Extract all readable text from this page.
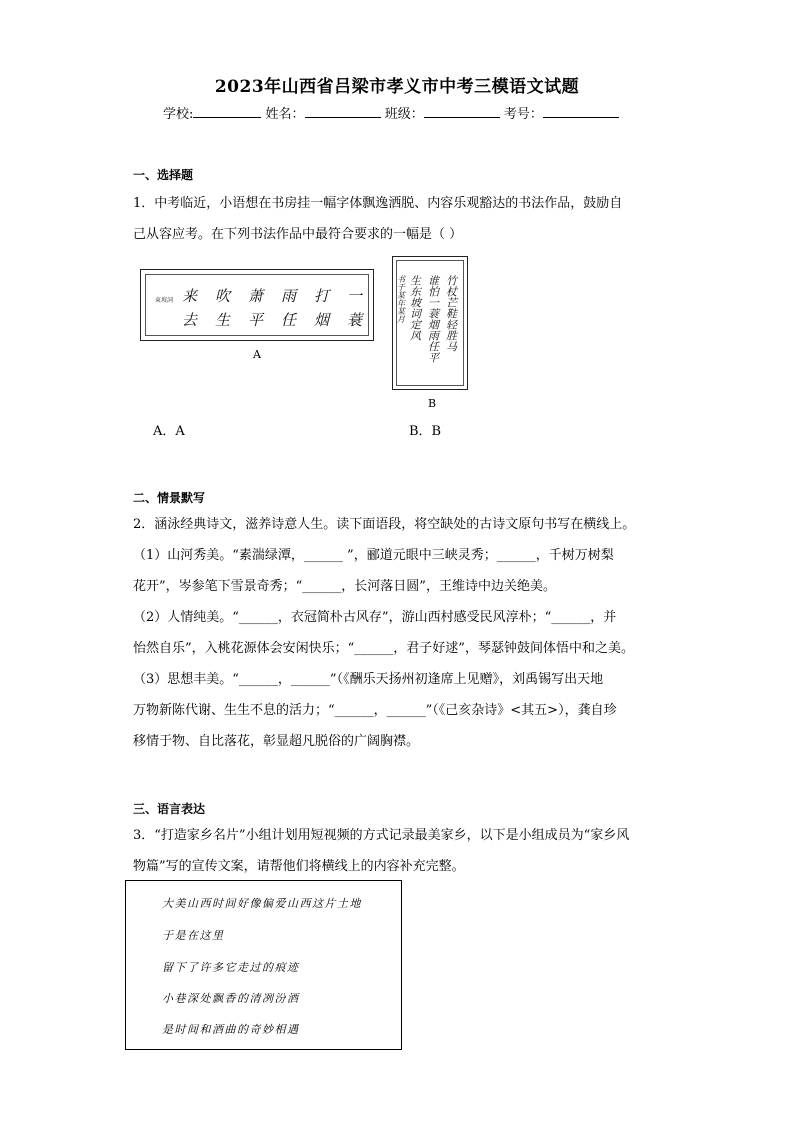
2023年山西省吕梁市孝义市中考三模语文试题
学校:	姓名：	班级：	考号：
一、选择题

1．中考临近，小语想在书房挂一幅字体飘逸洒脱、内容乐观豁达的书法作品，鼓励自

己从容应考。在下列书法作品中最符合要求的一幅是（ ）

一
蓑
打
烟
雨
任
萧
平
吹
生
来
去
東坡詞
A
竹杖芒鞋轻胜马
谁怕一蓑烟雨任平
生东坡词定风
书于某年某月
B
A．A	B．B
二、情景默写

2．涵泳经典诗文，滋养诗意人生。读下面语段，将空缺处的古诗文原句书写在横线上。

（1）山河秀美。“素湍绿潭，______ ”，郦道元眼中三峡灵秀；______，千树万树梨

花开”，岑参笔下雪景奇秀；“______，长河落日圆”，王维诗中边关绝美。

（2）人情纯美。“______，衣冠简朴古风存”，游山西村感受民风淳朴；“______，并

怡然自乐”，入桃花源体会安闲快乐；“______，君子好逑”，琴瑟钟鼓间体悟中和之美。

（3）思想丰美。“______，______”（《酬乐天扬州初逢席上见赠》，刘禹锡写出天地

万物新陈代谢、生生不息的活力；“______，______”（《己亥杂诗》<其五>），龚自珍

移情于物、自比落花，彰显超凡脱俗的广阔胸襟。

三、语言表达

3．“打造家乡名片”小组计划用短视频的方式记录最美家乡，以下是小组成员为“家乡风

物篇”写的宣传文案，请帮他们将横线上的内容补充完整。

大美山西时间好像偏爱山西这片土地
于是在这里
留下了许多它走过的痕迹
小巷深处飘香的清冽汾酒
是时间和酒曲的奇妙相遇
